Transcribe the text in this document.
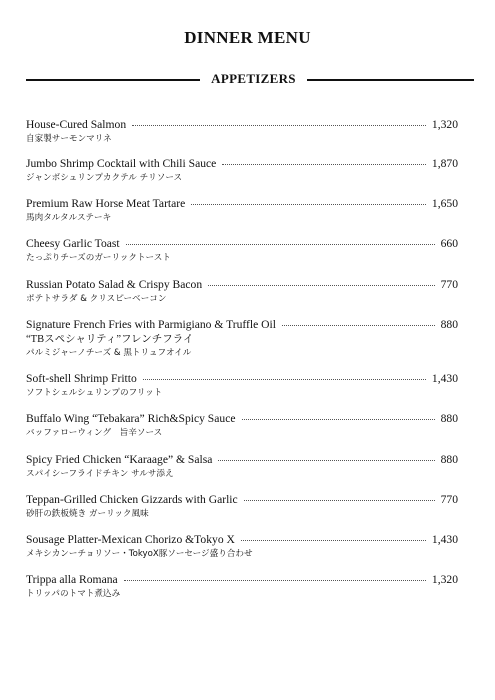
DINNER MENU
APPETIZERS
House-Cured Salmon	1,320
自家製サーモンマリネ
Jumbo Shrimp Cocktail with Chili Sauce	1,870
ジャンボシュリンプカクテル チリソース
Premium Raw Horse Meat Tartare	1,650
馬肉タルタルステーキ
Cheesy Garlic Toast	660
たっぷりチーズのガーリックトースト
Russian Potato Salad & Crispy Bacon	770
ポテトサラダ & クリスピーベーコン
Signature French Fries with Parmigiano & Truffle Oil	880
“TBスペシャリティ”フレンチフライ
パルミジャーノチーズ & 黒トリュフオイル
Soft-shell Shrimp Fritto	1,430
ソフトシェルシュリンプのフリット
Buffalo Wing “Tebakara” Rich&Spicy Sauce	880
バッファローウィング　旨辛ソース
Spicy Fried Chicken “Karaage” & Salsa	880
スパイシーフライドチキン サルサ添え
Teppan-Grilled Chicken Gizzards with Garlic	770
砂肝の鉄板焼き ガーリック風味
Sousage Platter-Mexican Chorizo &Tokyo X	1,430
メキシカンーチョリソー・TokyoX豚ソーセージ盛り合わせ
Trippa alla Romana	1,320
トリッパのトマト煮込み
